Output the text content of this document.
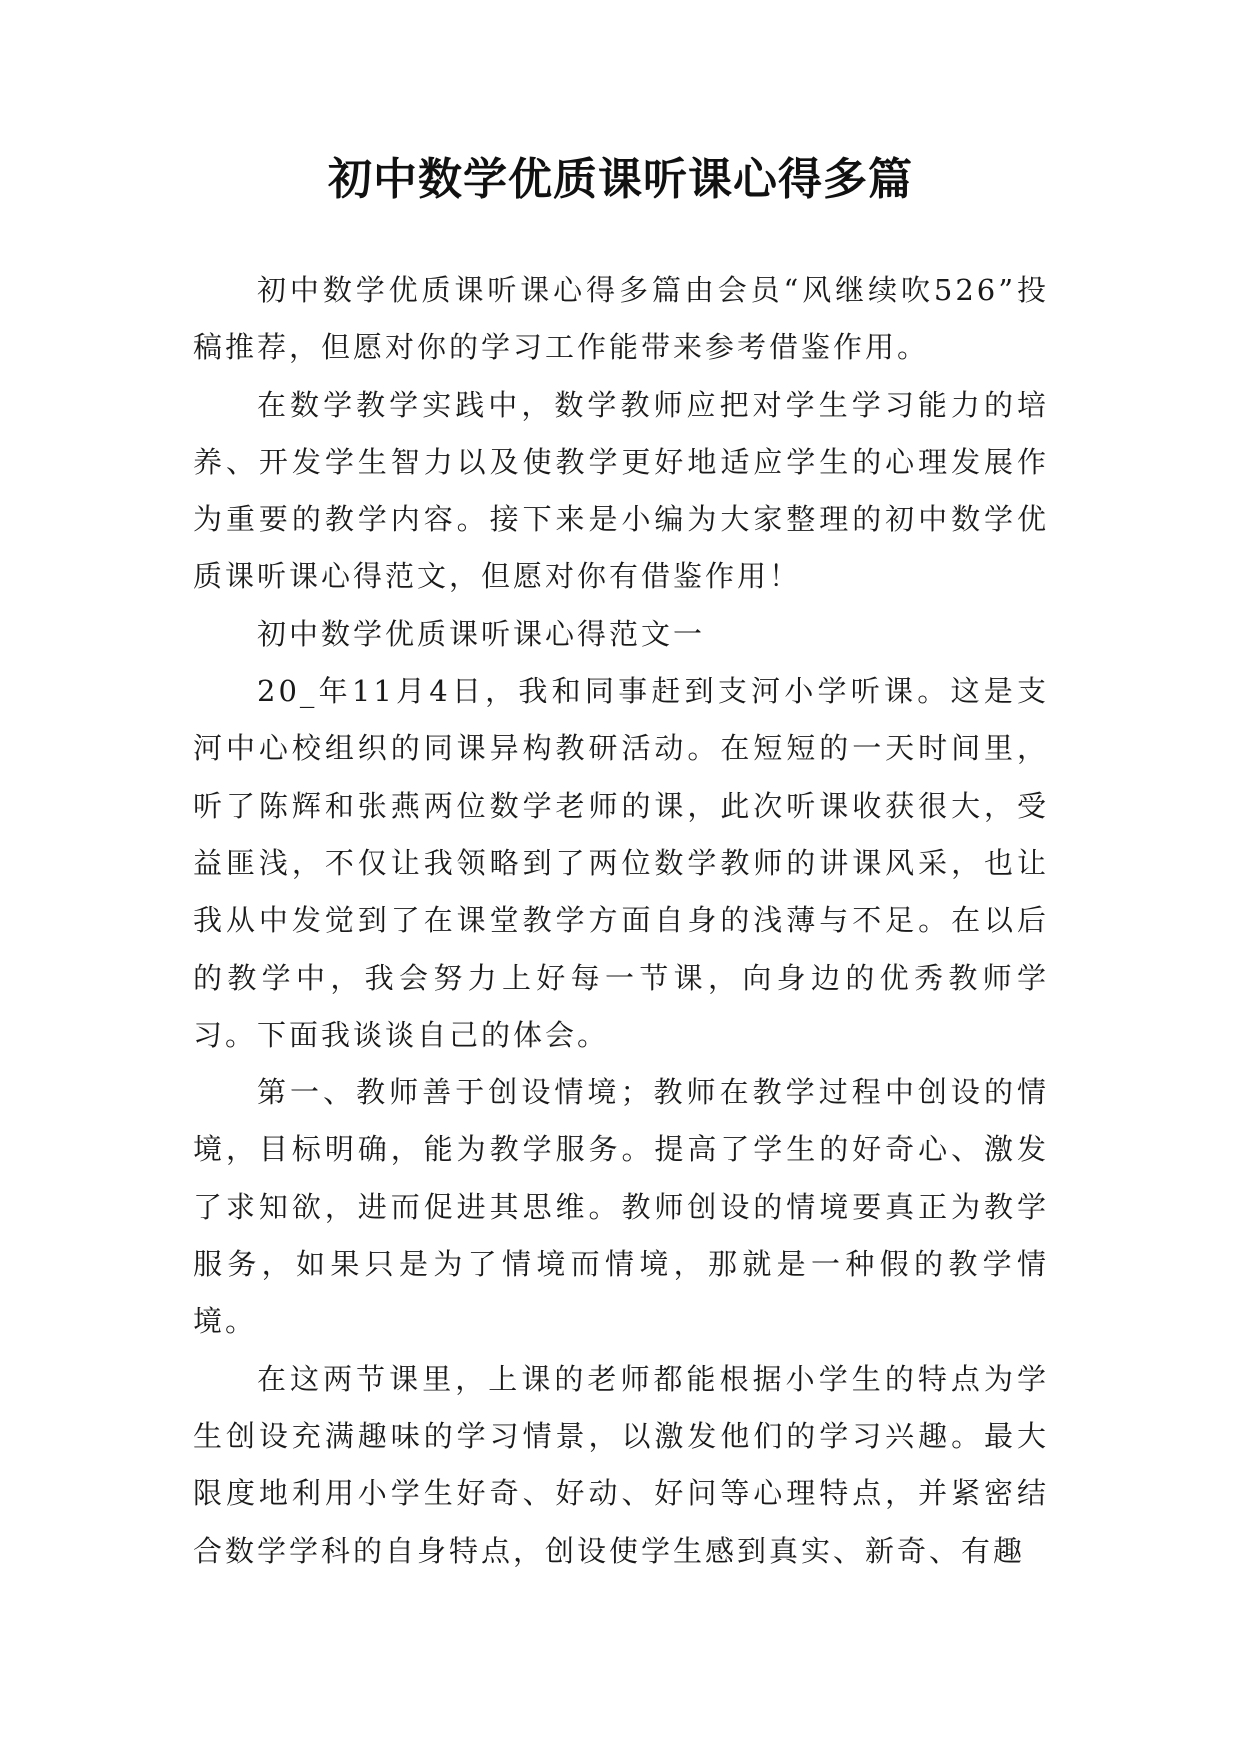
初中数学优质课听课心得多篇

初中数学优质课听课心得多篇由会员“风继续吹526”投稿推荐，但愿对你的学习工作能带来参考借鉴作用。

在数学教学实践中，数学教师应把对学生学习能力的培养、开发学生智力以及使教学更好地适应学生的心理发展作为重要的教学内容。接下来是小编为大家整理的初中数学优质课听课心得范文，但愿对你有借鉴作用！

初中数学优质课听课心得范文一

20_年11月4日，我和同事赶到支河小学听课。这是支河中心校组织的同课异构教研活动。在短短的一天时间里，听了陈辉和张燕两位数学老师的课，此次听课收获很大，受益匪浅，不仅让我领略到了两位数学教师的讲课风采，也让我从中发觉到了在课堂教学方面自身的浅薄与不足。在以后的教学中，我会努力上好每一节课，向身边的优秀教师学习。下面我谈谈自己的体会。

第一、教师善于创设情境；教师在教学过程中创设的情境，目标明确，能为教学服务。提高了学生的好奇心、激发了求知欲，进而促进其思维。教师创设的情境要真正为教学服务，如果只是为了情境而情境，那就是一种假的教学情境。

在这两节课里，上课的老师都能根据小学生的特点为学生创设充满趣味的学习情景，以激发他们的学习兴趣。最大限度地利用小学生好奇、好动、好问等心理特点，并紧密结合数学学科的自身特点，创设使学生感到真实、新奇、有趣
